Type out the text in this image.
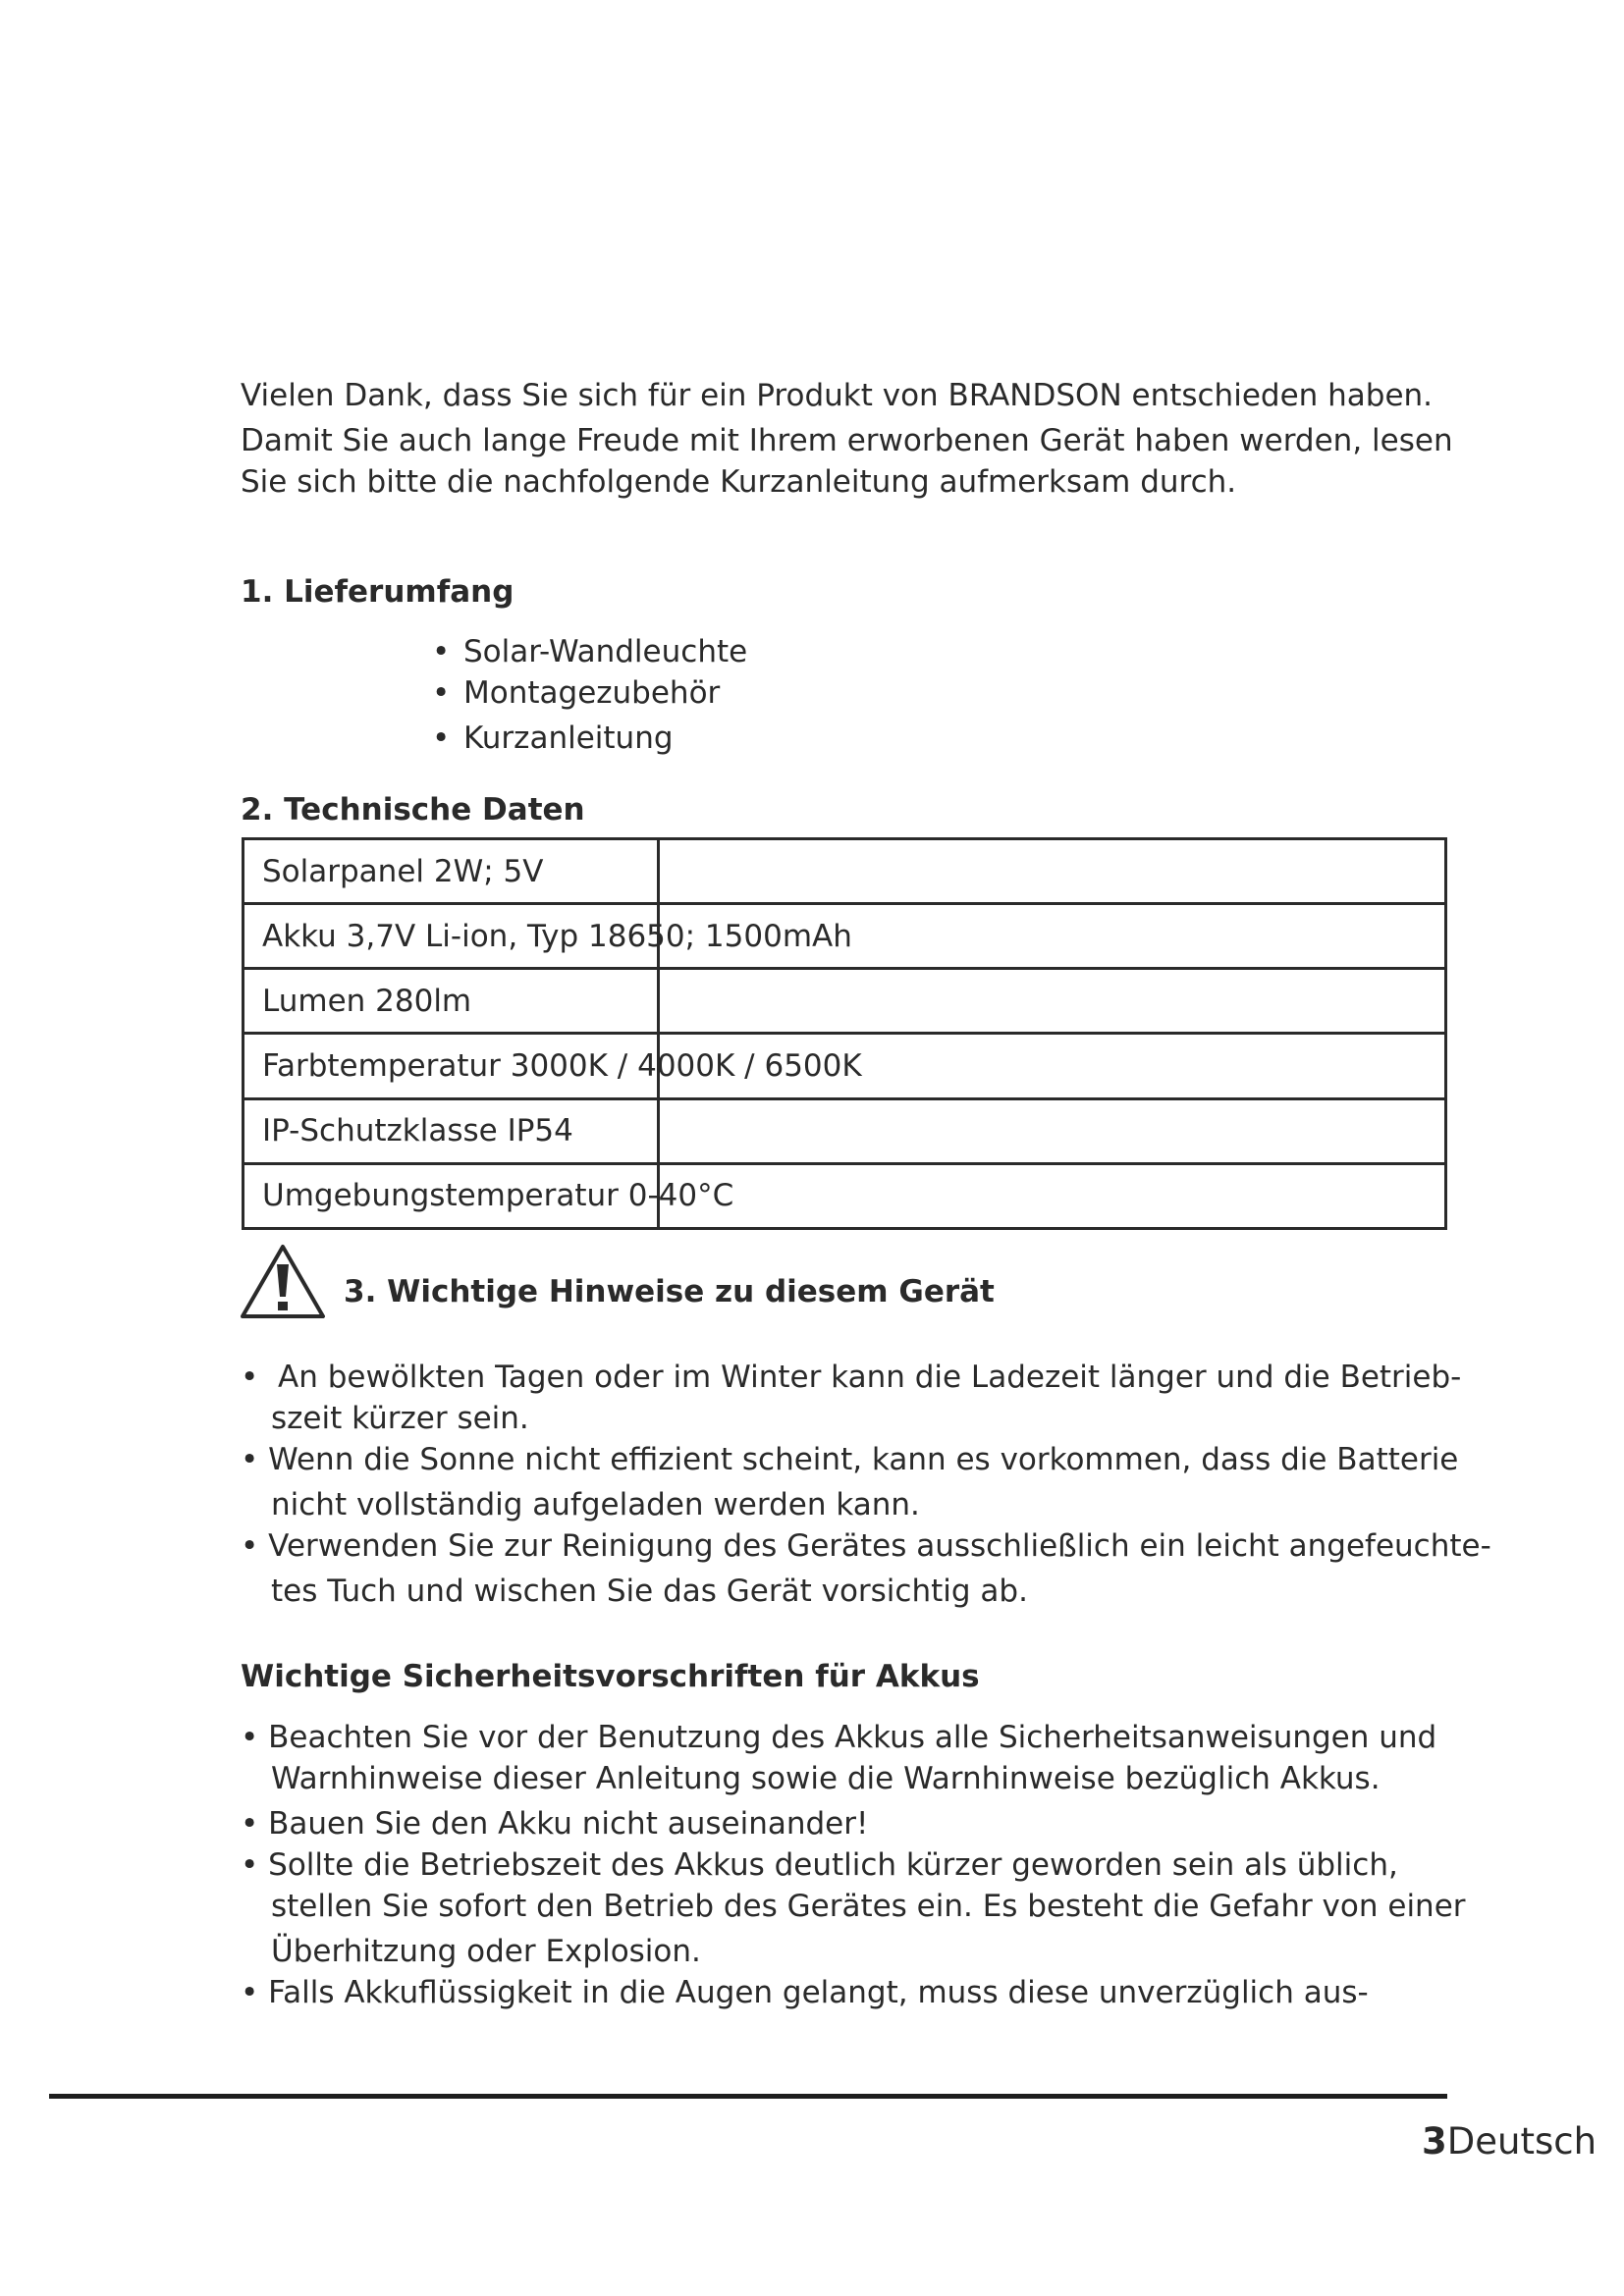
Vielen Dank, dass Sie sich für ein Produkt von BRANDSON entschieden haben.
Damit Sie auch lange Freude mit Ihrem erworbenen Gerät haben werden, lesen
Sie sich bitte die nachfolgende Kurzanleitung aufmerksam durch.

1. Lieferumfang
• Solar-Wandleuchte
• Montagezubehör
• Kurzanleitung
2. Technische Daten
Solarpanel 2W; 5V	
Akku 3,7V Li-ion, Typ 18650; 1500mAh	
Lumen 280lm	
Farbtemperatur 3000K / 4000K / 6500K	
IP-Schutzklasse IP54	
Umgebungstemperatur 0-40°C	
3. Wichtige Hinweise zu diesem Gerät
•  An bewölkten Tagen oder im Winter kann die Ladezeit länger und die Betrieb-
szeit kürzer sein.
• Wenn die Sonne nicht effizient scheint, kann es vorkommen, dass die Batterie
nicht vollständig aufgeladen werden kann.
• Verwenden Sie zur Reinigung des Gerätes ausschließlich ein leicht angefeuchte-
tes Tuch und wischen Sie das Gerät vorsichtig ab.
Wichtige Sicherheitsvorschriften für Akkus
• Beachten Sie vor der Benutzung des Akkus alle Sicherheitsanweisungen und
Warnhinweise dieser Anleitung sowie die Warnhinweise bezüglich Akkus.
• Bauen Sie den Akku nicht auseinander!
• Sollte die Betriebszeit des Akkus deutlich kürzer geworden sein als üblich,
stellen Sie sofort den Betrieb des Gerätes ein. Es besteht die Gefahr von einer
Überhitzung oder Explosion.
• Falls Akkuflüssigkeit in die Augen gelangt, muss diese unverzüglich aus-
3Deutsch
